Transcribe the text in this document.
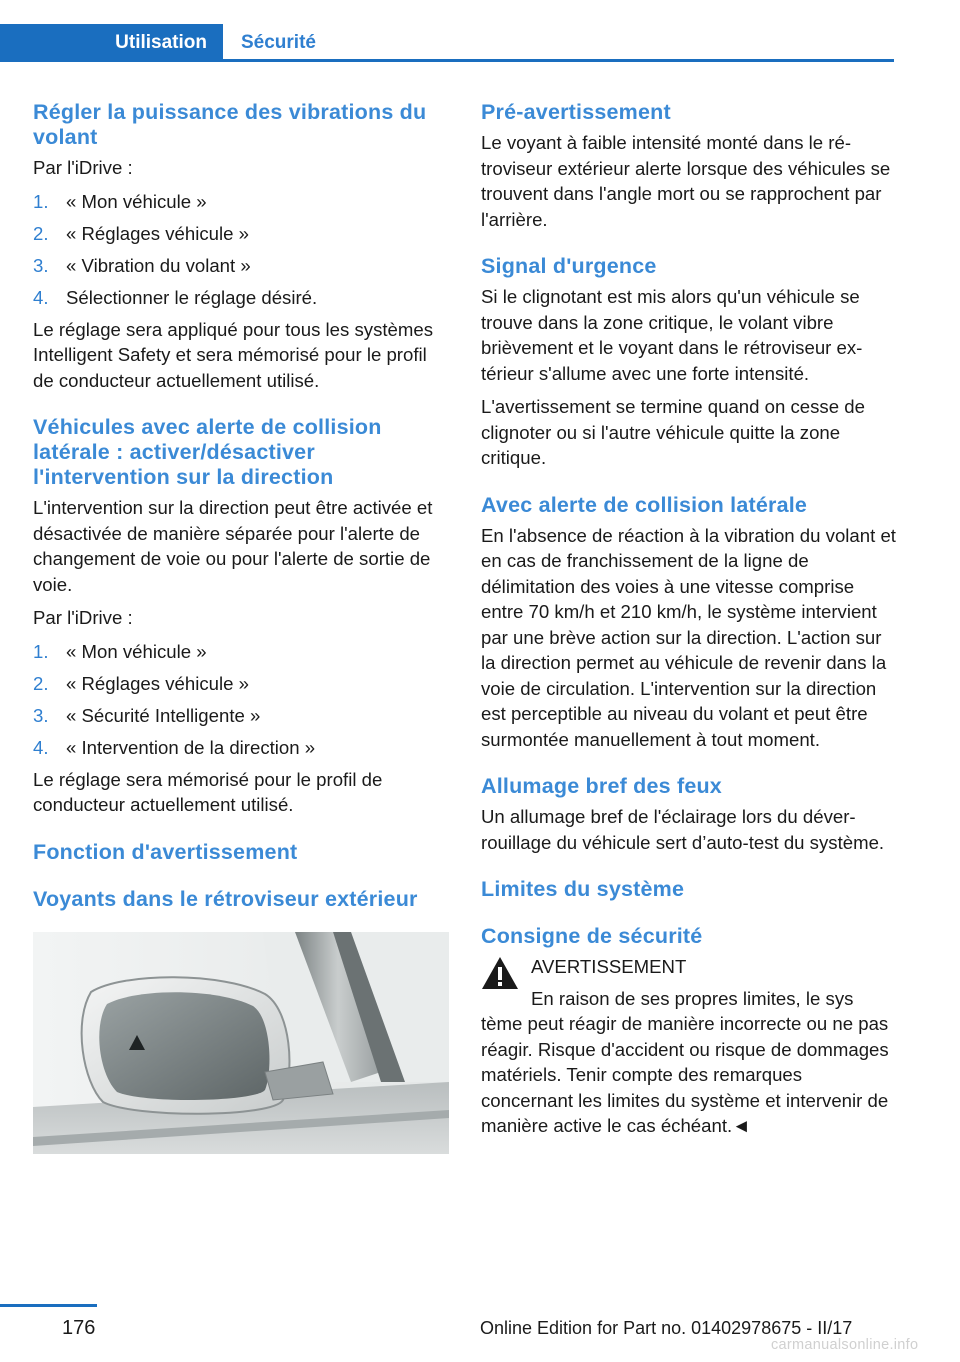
Utilisation	Sécurité
Régler la puissance des vibrations du volant

Par l'iDrive :

1. « Mon véhicule »
2. « Réglages véhicule »
3. « Vibration du volant »
4. Sélectionner le réglage désiré.

Le réglage sera appliqué pour tous les systèmes Intelligent Safety et sera mémorisé pour le profil de conducteur actuellement utilisé.

Véhicules avec alerte de collision latérale : activer/désactiver l'intervention sur la direction

L'intervention sur la direction peut être activée et désactivée de manière séparée pour l'alerte de changement de voie ou pour l'alerte de sortie de voie.

Par l'iDrive :

1. « Mon véhicule »
2. « Réglages véhicule »
3. « Sécurité Intelligente »
4. « Intervention de la direction »

Le réglage sera mémorisé pour le profil de conducteur actuellement utilisé.

Fonction d'avertissement
Voyants dans le rétroviseur extérieur
Pré-avertissement

Le voyant à faible intensité monté dans le rétroviseur extérieur alerte lorsque des véhicules se trouvent dans l'angle mort ou se rapprochent par l'arrière.

Signal d'urgence

Si le clignotant est mis alors qu'un véhicule se trouve dans la zone critique, le volant vibre brièvement et le voyant dans le rétroviseur extérieur s'allume avec une forte intensité.

L'avertissement se termine quand on cesse de clignoter ou si l'autre véhicule quitte la zone critique.

Avec alerte de collision latérale

En l'absence de réaction à la vibration du volant et en cas de franchissement de la ligne de délimitation des voies à une vitesse comprise entre 70 km/h et 210 km/h, le système intervient par une brève action sur la direction. L'action sur la direction permet au véhicule de revenir dans la voie de circulation. L'intervention sur la direction est perceptible au niveau du volant et peut être surmontée manuellement à tout moment.

Allumage bref des feux

Un allumage bref de l'éclairage lors du déverrouillage du véhicule sert d’auto-test du système.

Limites du système
Consigne de sécurité

AVERTISSEMENT

En raison de ses propres limites, le sys

tème peut réagir de manière incorrecte ou ne pas réagir. Risque d'accident ou risque de dommages matériels. Tenir compte des remarques concernant les limites du système et intervenir de manière active le cas échéant.◄

176	Online Edition for Part no. 01402978675 - II/17
carmanualsonline.info
